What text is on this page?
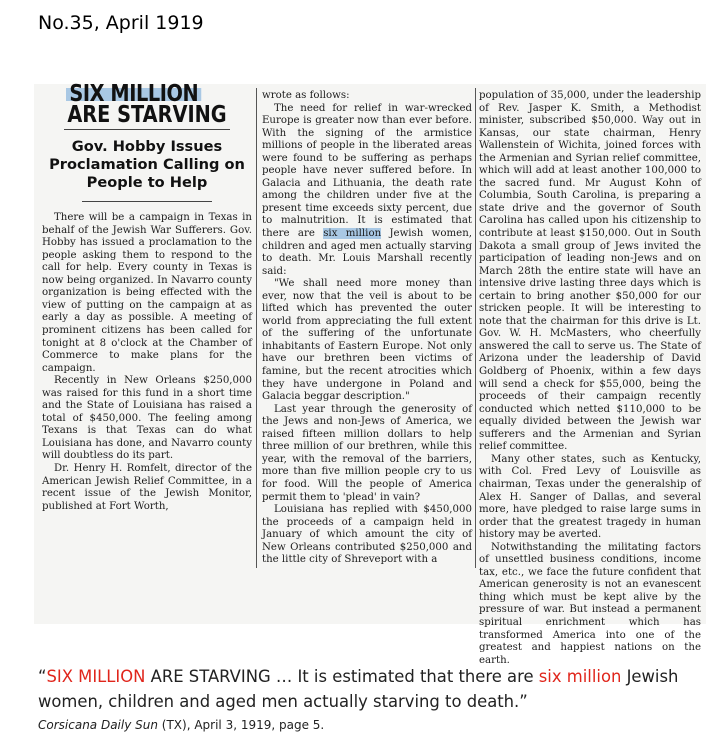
No.35, April 1919
SIX MILLION
ARE STARVING
Gov. Hobby Issues Proclamation Calling on People to Help

There will be a campaign in Texas in behalf of the Jewish War Sufferers. Gov. Hobby has issued a proclamation to the people asking them to respond to the call for help. Every county in Texas is now being organized. In Navarro county organization is being effected with the view of putting on the campaign at as early a day as possible. A meeting of prominent citizens has been called for tonight at 8 o'clock at the Chamber of Commerce to make plans for the campaign.

Recently in New Orleans $250,000 was raised for this fund in a short time and the State of Louisiana has raised a total of $450,000. The feeling among Texans is that Texas can do what Louisiana has done, and Navarro county will doubtless do its part.

Dr. Henry H. Romfelt, director of the American Jewish Relief Committee, in a recent issue of the Jewish Monitor, published at Fort Worth,

wrote as follows:

The need for relief in war-wrecked Europe is greater now than ever before. With the signing of the armistice millions of people in the liberated areas were found to be suffering as perhaps people have never suffered before. In Galacia and Lithuania, the death rate among the children under five at the present time exceeds sixty percent, due to malnutrition. It is estimated that there are six million Jewish women, children and aged men actually starving to death. Mr. Louis Marshall recently said:

"We shall need more money than ever, now that the veil is about to be lifted which has prevented the outer world from appreciating the full extent of the suffering of the unfortunate inhabitants of Eastern Europe. Not only have our brethren been victims of famine, but the recent atrocities which they have undergone in Poland and Galacia beggar description."

Last year through the generosity of the Jews and non-Jews of America, we raised fifteen million dollars to help three million of our brethren, while this year, with the removal of the barriers, more than five million people cry to us for food. Will the people of America permit them to 'plead' in vain?

Louisiana has replied with $450,000 the proceeds of a campaign held in January of which amount the city of New Orleans contributed $250,000 and the little city of Shreveport with a

population of 35,000, under the leadership of Rev. Jasper K. Smith, a Methodist minister, subscribed $50,000. Way out in Kansas, our state chairman, Henry Wallenstein of Wichita, joined forces with the Armenian and Syrian relief committee, which will add at least another 100,000 to the sacred fund. Mr August Kohn of Columbia, South Carolina, is preparing a state drive and the governor of South Carolina has called upon his citizenship to contribute at least $150,000. Out in South Dakota a small group of Jews invited the participation of leading non-Jews and on March 28th the entire state will have an intensive drive lasting three days which is certain to bring another $50,000 for our stricken people. It will be interesting to note that the chairman for this drive is Lt. Gov. W. H. McMasters, who cheerfully answered the call to serve us. The State of Arizona under the leadership of David Goldberg of Phoenix, within a few days will send a check for $55,000, being the proceeds of their campaign recently conducted which netted $110,000 to be equally divided between the Jewish war sufferers and the Armenian and Syrian relief committee.

Many other states, such as Kentucky, with Col. Fred Levy of Louisville as chairman, Texas under the generalship of Alex H. Sanger of Dallas, and several more, have pledged to raise large sums in order that the greatest tragedy in human history may be averted.

Notwithstanding the militating factors of unsettled business conditions, income tax, etc., we face the future confident that American generosity is not an evanescent thing which must be kept alive by the pressure of war. But instead a permanent spiritual enrichment which has transformed America into one of the greatest and happiest nations on the earth.

“SIX MILLION ARE STARVING … It is estimated that there are six million Jewish women, children and aged men actually starving to death.”
Corsicana Daily Sun (TX), April 3, 1919, page 5.
